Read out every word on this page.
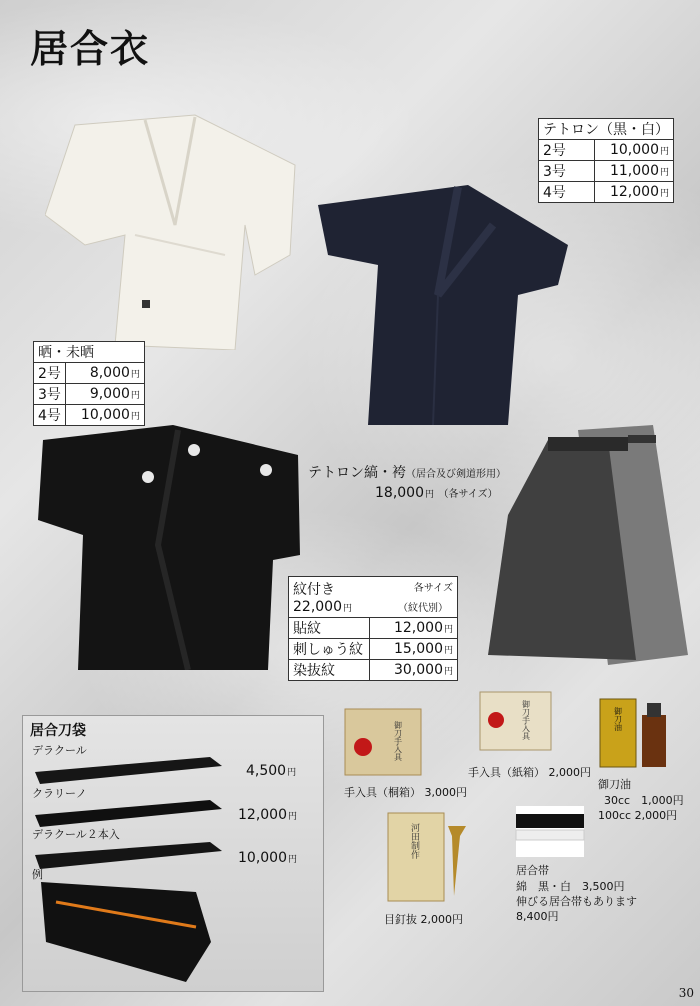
居合衣
テトロン（黒・白）	
2号	10,000円
3号	11,000円
4号	12,000円
晒・未晒	
2号	8,000円
3号	9,000円
4号	10,000円
テトロン縞・袴（居合及び剣道形用）
18,000円 （各サイズ）
紋付き 各サイズ
22,000円 （紋代別）	

貼紋	12,000円
刺しゅう紋	15,000円
染抜紋	30,000円
居合刀袋
デラクール
4,500円
クラリーノ
12,000円
デラクール２本入
10,000円
例
御刀手入具
手入具（桐箱） 3,000円
御刀手入具
手入具（紙箱） 2,000円
御刀油
御刀油
30cc　1,000円
100cc 2,000円
河田制作
目釘抜 2,000円
居合帯
綿　黒・白　 3,500円
伸びる居合帯もあります
8,400円
30
